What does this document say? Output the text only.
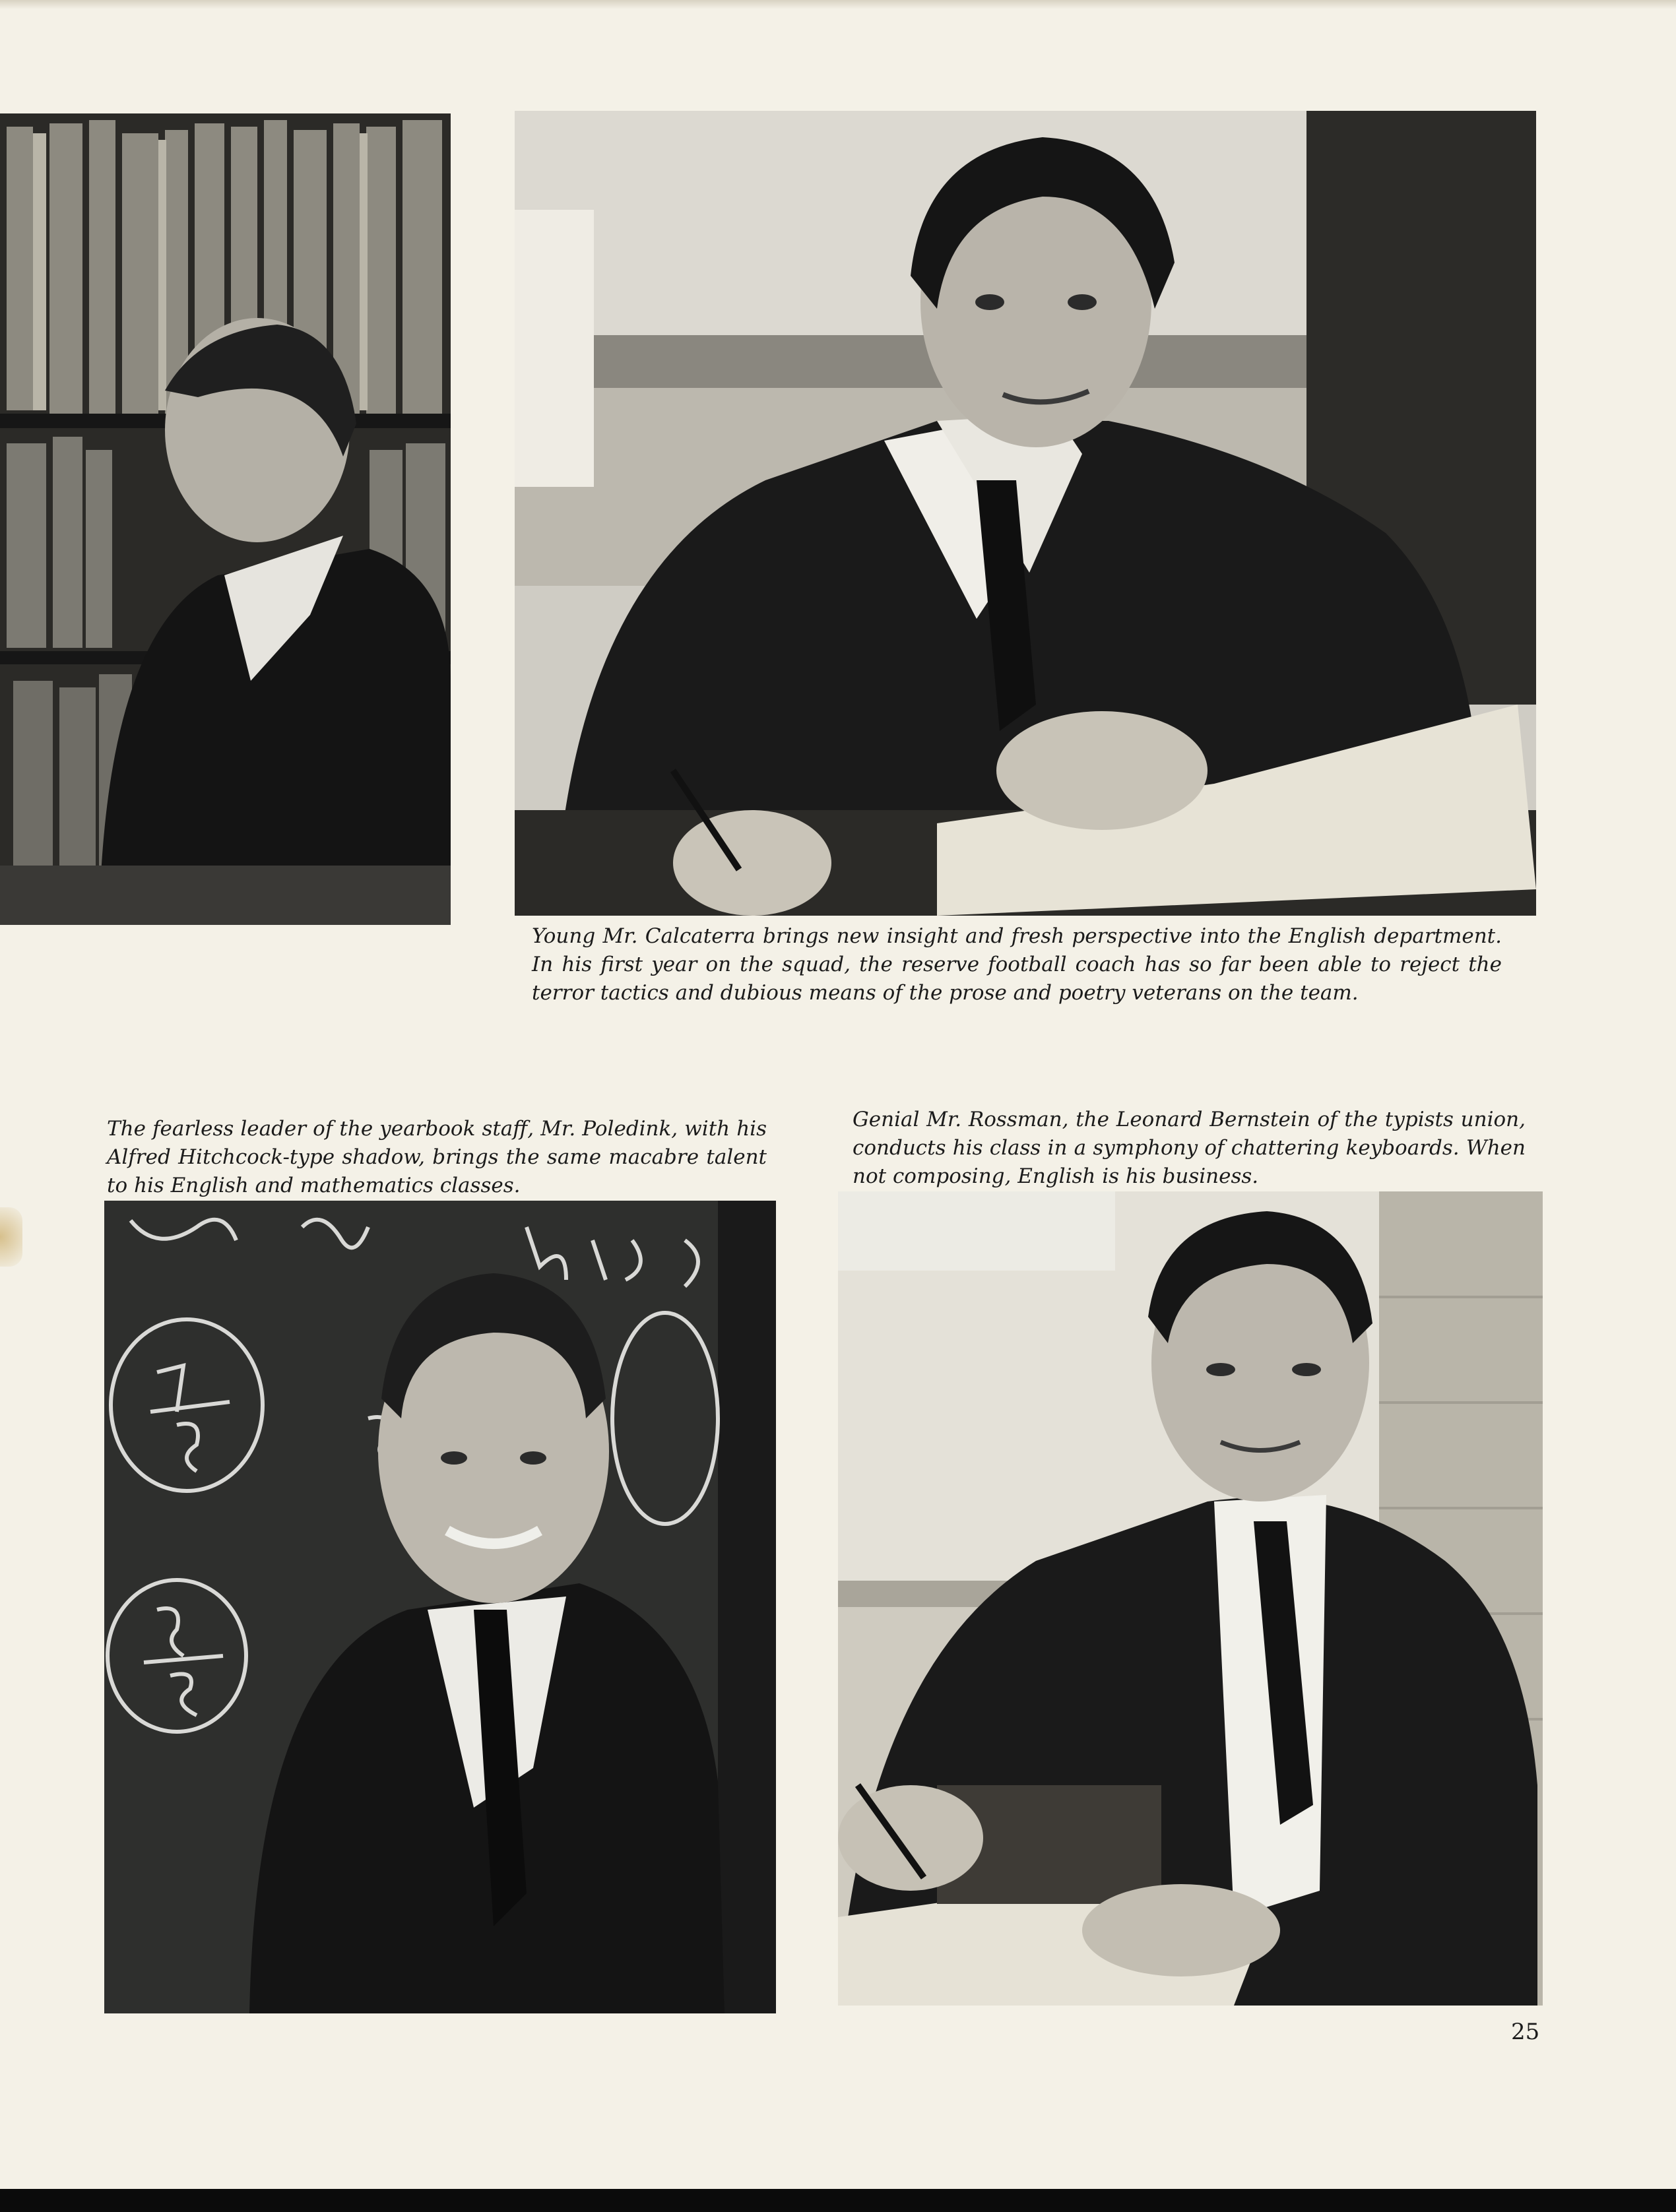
Young Mr. Calcaterra brings new insight and fresh perspective into the English department. In his first year on the squad, the reserve football coach has so far been able to reject the terror tactics and dubious means of the prose and poetry veterans on the team.
The fearless leader of the yearbook staff, Mr. Poledink, with his Alfred Hitchcock-type shadow, brings the same macabre talent to his English and mathematics classes.
Genial Mr. Rossman, the Leonard Bernstein of the typists union, conducts his class in a symphony of chattering keyboards. When not composing, English is his business.
25
